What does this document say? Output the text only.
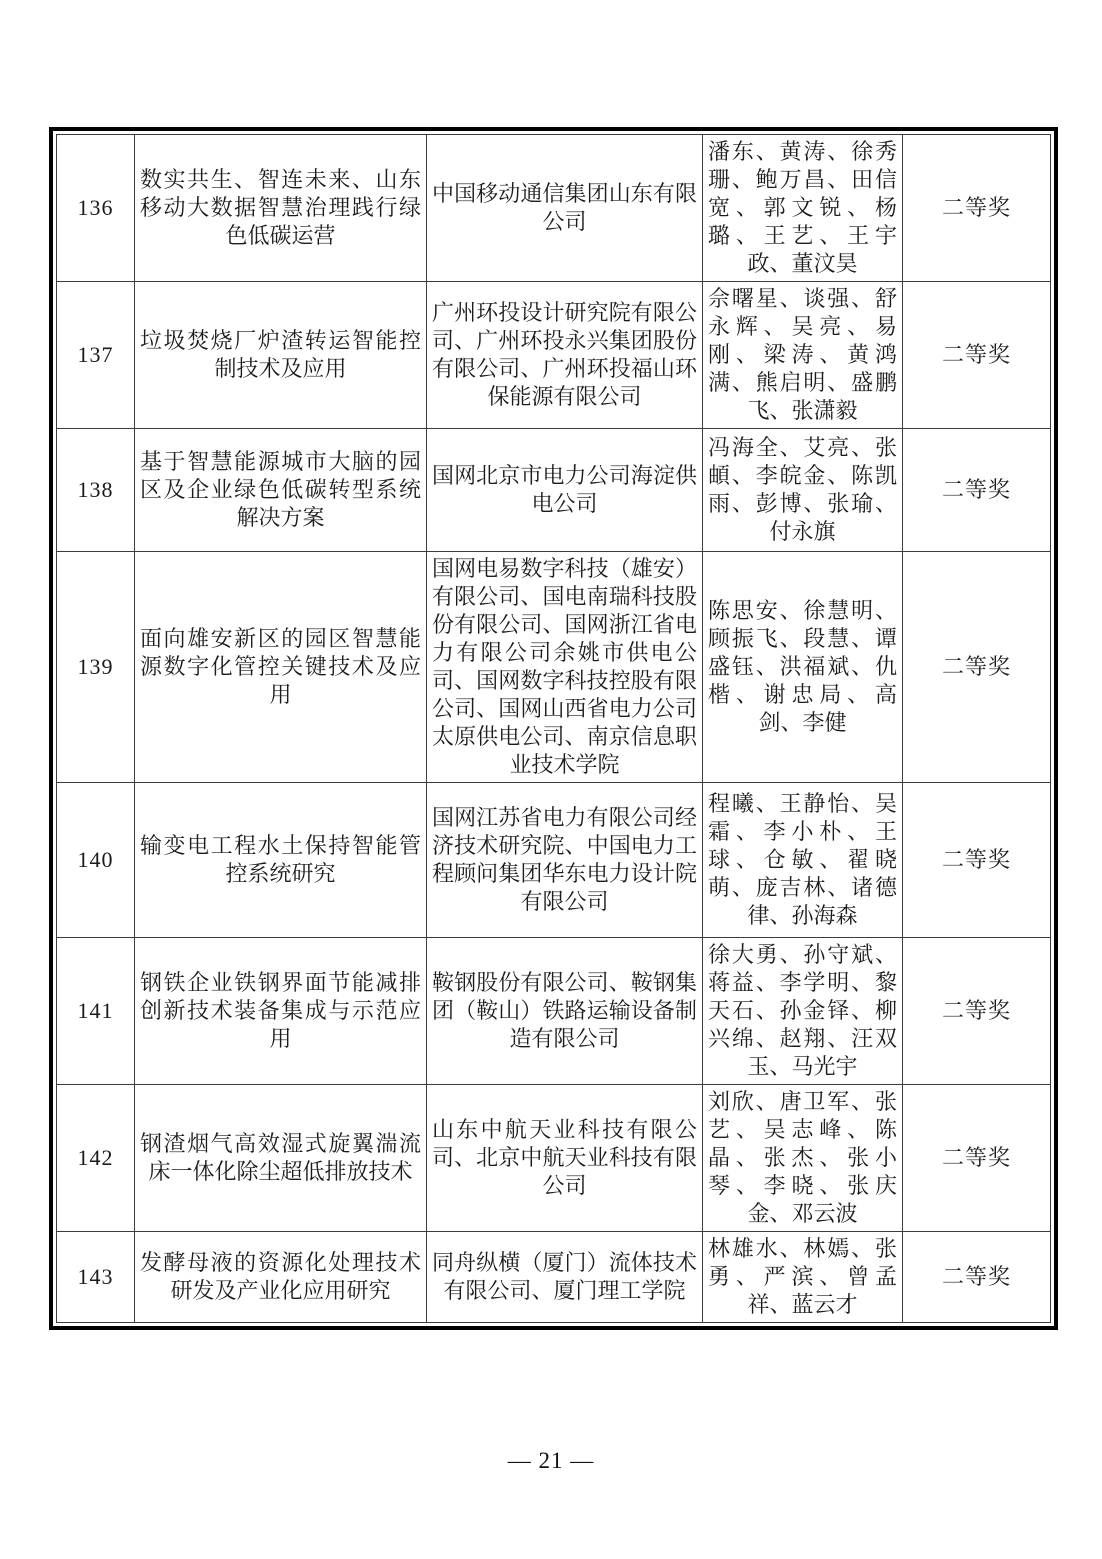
136	数实共生、智连未来、山东移动大数据智慧治理践行绿色低碳运营	中国移动通信集团山东有限公司	潘东、黄涛、徐秀珊、鲍万昌、田信宽、郭文锐、杨璐、王艺、王宇政、董汶昊	二等奖
137	垃圾焚烧厂炉渣转运智能控制技术及应用	广州环投设计研究院有限公司、广州环投永兴集团股份有限公司、广州环投福山环保能源有限公司	佘曙星、谈强、舒永辉、吴亮、易刚、梁涛、黄鸿满、熊启明、盛鹏飞、张潇毅	二等奖
138	基于智慧能源城市大脑的园区及企业绿色低碳转型系统解决方案	国网北京市电力公司海淀供电公司	冯海全、艾亮、张頔、李皖金、陈凯雨、彭博、张瑜、付永旗	二等奖
139	面向雄安新区的园区智慧能源数字化管控关键技术及应用	国网电易数字科技（雄安）有限公司、国电南瑞科技股份有限公司、国网浙江省电力有限公司余姚市供电公司、国网数字科技控股有限公司、国网山西省电力公司太原供电公司、南京信息职业技术学院	陈思安、徐慧明、顾振飞、段慧、谭盛钰、洪福斌、仇楷、谢忠局、高剑、李健	二等奖
140	输变电工程水土保持智能管控系统研究	国网江苏省电力有限公司经济技术研究院、中国电力工程顾问集团华东电力设计院有限公司	程曦、王静怡、吴霜、李小朴、王球、仓敏、翟晓萌、庞吉林、诸德律、孙海森	二等奖
141	钢铁企业铁钢界面节能减排创新技术装备集成与示范应用	鞍钢股份有限公司、鞍钢集团（鞍山）铁路运输设备制造有限公司	徐大勇、孙守斌、蒋益、李学明、黎天石、孙金铎、柳兴绵、赵翔、汪双玉、马光宇	二等奖
142	钢渣烟气高效湿式旋翼湍流床一体化除尘超低排放技术	山东中航天业科技有限公司、北京中航天业科技有限公司	刘欣、唐卫军、张艺、吴志峰、陈晶、张杰、张小琴、李晓、张庆金、邓云波	二等奖
143	发酵母液的资源化处理技术研发及产业化应用研究	同舟纵横（厦门）流体技术有限公司、厦门理工学院	林雄水、林嫣、张勇、严滨、曾孟祥、蓝云才	二等奖
— 21 —
